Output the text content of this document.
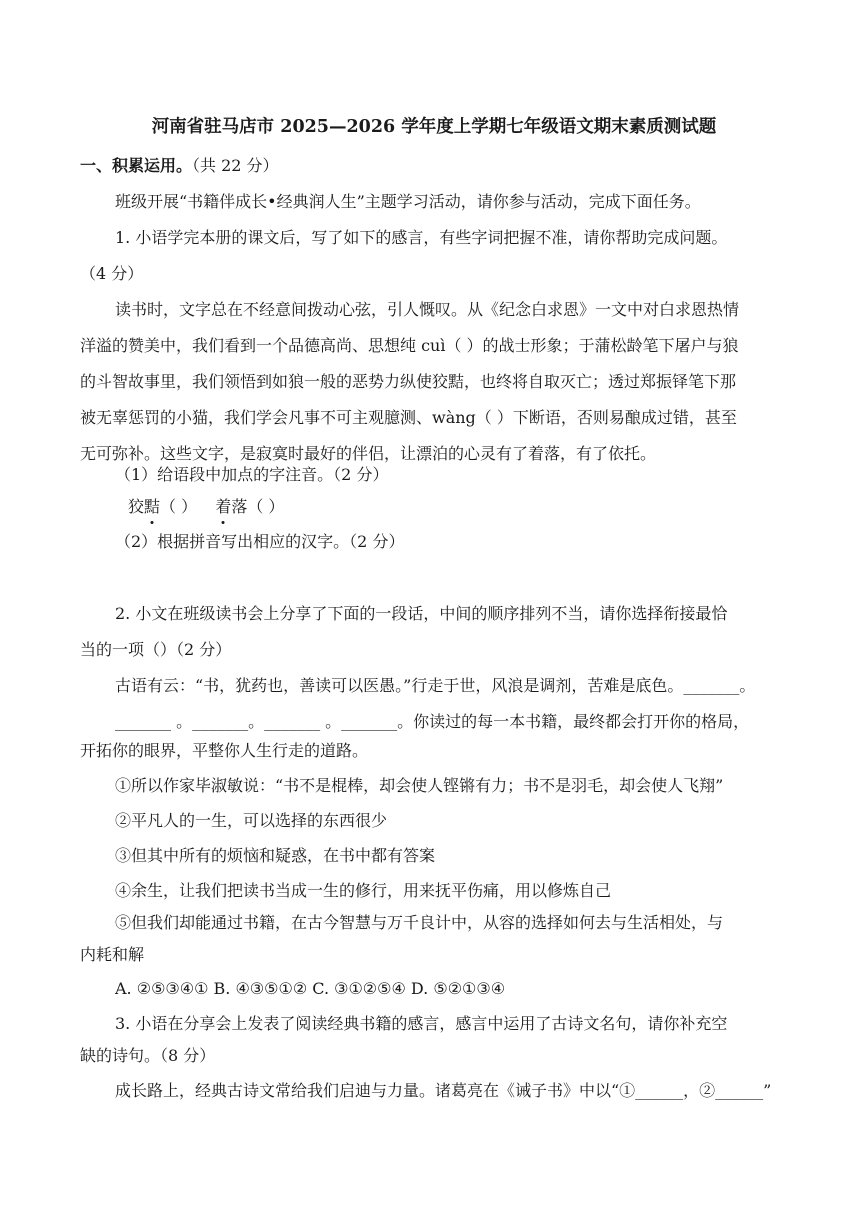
河南省驻马店市 2025—2026 学年度上学期七年级语文期末素质测试题
一、积累运用。（共 22 分）
班级开展“书籍伴成长•经典润人生”主题学习活动，请你参与活动，完成下面任务。
1. 小语学完本册的课文后，写了如下的感言，有些字词把握不准，请你帮助完成问题。
（4 分）
读书时，文字总在不经意间拨动心弦，引人慨叹。从《纪念白求恩》一文中对白求恩热情
洋溢的赞美中，我们看到一个品德高尚、思想纯 cuì（ ）的战士形象；于蒲松龄笔下屠户与狼
的斗智故事里，我们领悟到如狼一般的恶势力纵使狡黠，也终将自取灭亡；透过郑振铎笔下那
被无辜惩罚的小猫，我们学会凡事不可主观臆测、wàng（ ）下断语，否则易酿成过错，甚至
无可弥补。这些文字，是寂寞时最好的伴侣，让漂泊的心灵有了着落，有了依托。
（1）给语段中加点的字注音。（2 分）
狡黠
（ ） 着
落（ ）
（2）根据拼音写出相应的汉字。（2 分）
2. 小文在班级读书会上分享了下面的一段话，中间的顺序排列不当，请你选择衔接最恰
当的一项（）（2 分）
古语有云：“书，犹药也，善读可以医愚。”行走于世，风浪是调剂，苦难是底色。_______。
_______ 。_______。_______ 。_______。你读过的每一本书籍，最终都会打开你的格局，
开拓你的眼界，平整你人生行走的道路。
①所以作家毕淑敏说：“书不是棍棒，却会使人铿锵有力；书不是羽毛，却会使人飞翔”
②平凡人的一生，可以选择的东西很少
③但其中所有的烦恼和疑惑，在书中都有答案
④余生，让我们把读书当成一生的修行，用来抚平伤痛，用以修炼自己
⑤但我们却能通过书籍，在古今智慧与万千良计中，从容的选择如何去与生活相处，与
内耗和解
A. ②⑤③④① B. ④③⑤①② C. ③①②⑤④ D. ⑤②①③④
3. 小语在分享会上发表了阅读经典书籍的感言，感言中运用了古诗文名句，请你补充空
缺的诗句。（8 分）
成长路上，经典古诗文常给我们启迪与力量。诸葛亮在《诫子书》中以“①______，②______”
